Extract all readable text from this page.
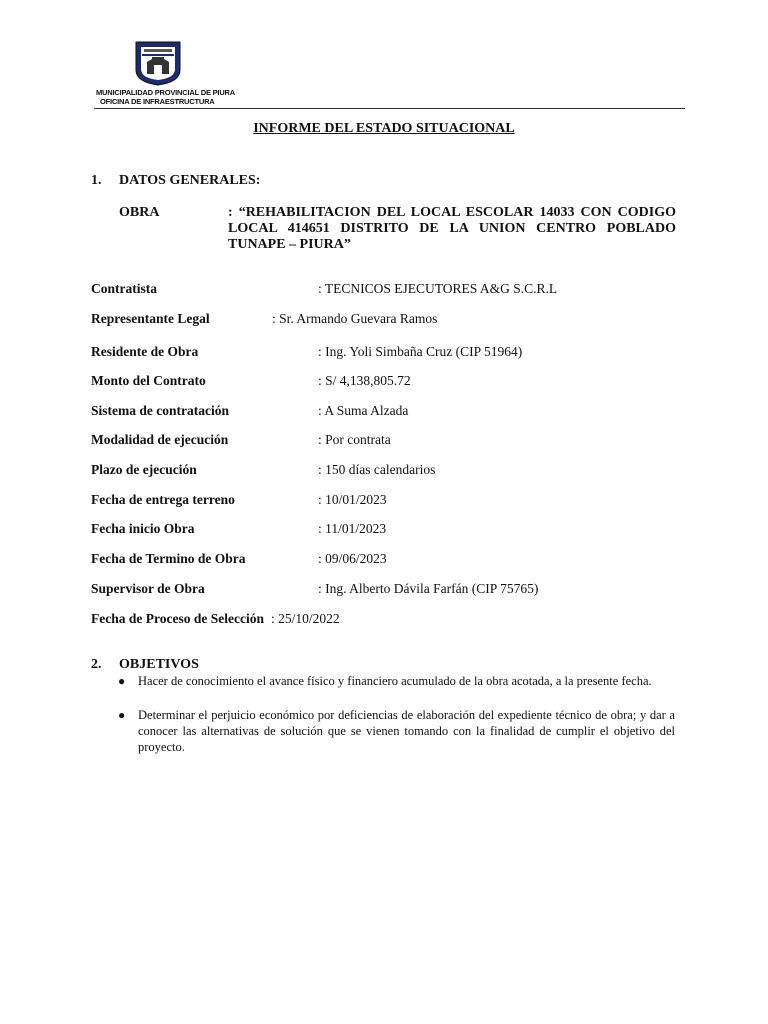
MUNICIPALIDAD PROVINCIAL DE PIURA
OFICINA DE INFRAESTRUCTURA
INFORME DEL ESTADO SITUACIONAL
1. DATOS GENERALES:
OBRA	: “REHABILITACION DEL LOCAL ESCOLAR 14033 CON CODIGO LOCAL 414651 DISTRITO DE LA UNION CENTRO POBLADO TUNAPE – PIURA”
Contratista	: TECNICOS EJECUTORES A&G S.C.R.L
Representante Legal	: Sr. Armando Guevara Ramos
Residente de Obra	: Ing. Yoli Simbaña Cruz (CIP 51964)
Monto del Contrato	: S/ 4,138,805.72
Sistema de contratación	: A Suma Alzada
Modalidad de ejecución	: Por contrata
Plazo de ejecución	: 150 días calendarios
Fecha de entrega terreno	: 10/01/2023
Fecha inicio Obra	: 11/01/2023
Fecha de Termino de Obra	: 09/06/2023
Supervisor de Obra	: Ing. Alberto Dávila Farfán (CIP 75765)
Fecha de Proceso de Selección : 25/10/2022
2. OBJETIVOS
● Hacer de conocimiento el avance físico y financiero acumulado de la obra acotada, a la presente fecha.
● Determinar el perjuicio económico por deficiencias de elaboración del expediente técnico de obra; y dar a conocer las alternativas de solución que se vienen tomando con la finalidad de cumplir el objetivo del proyecto.
